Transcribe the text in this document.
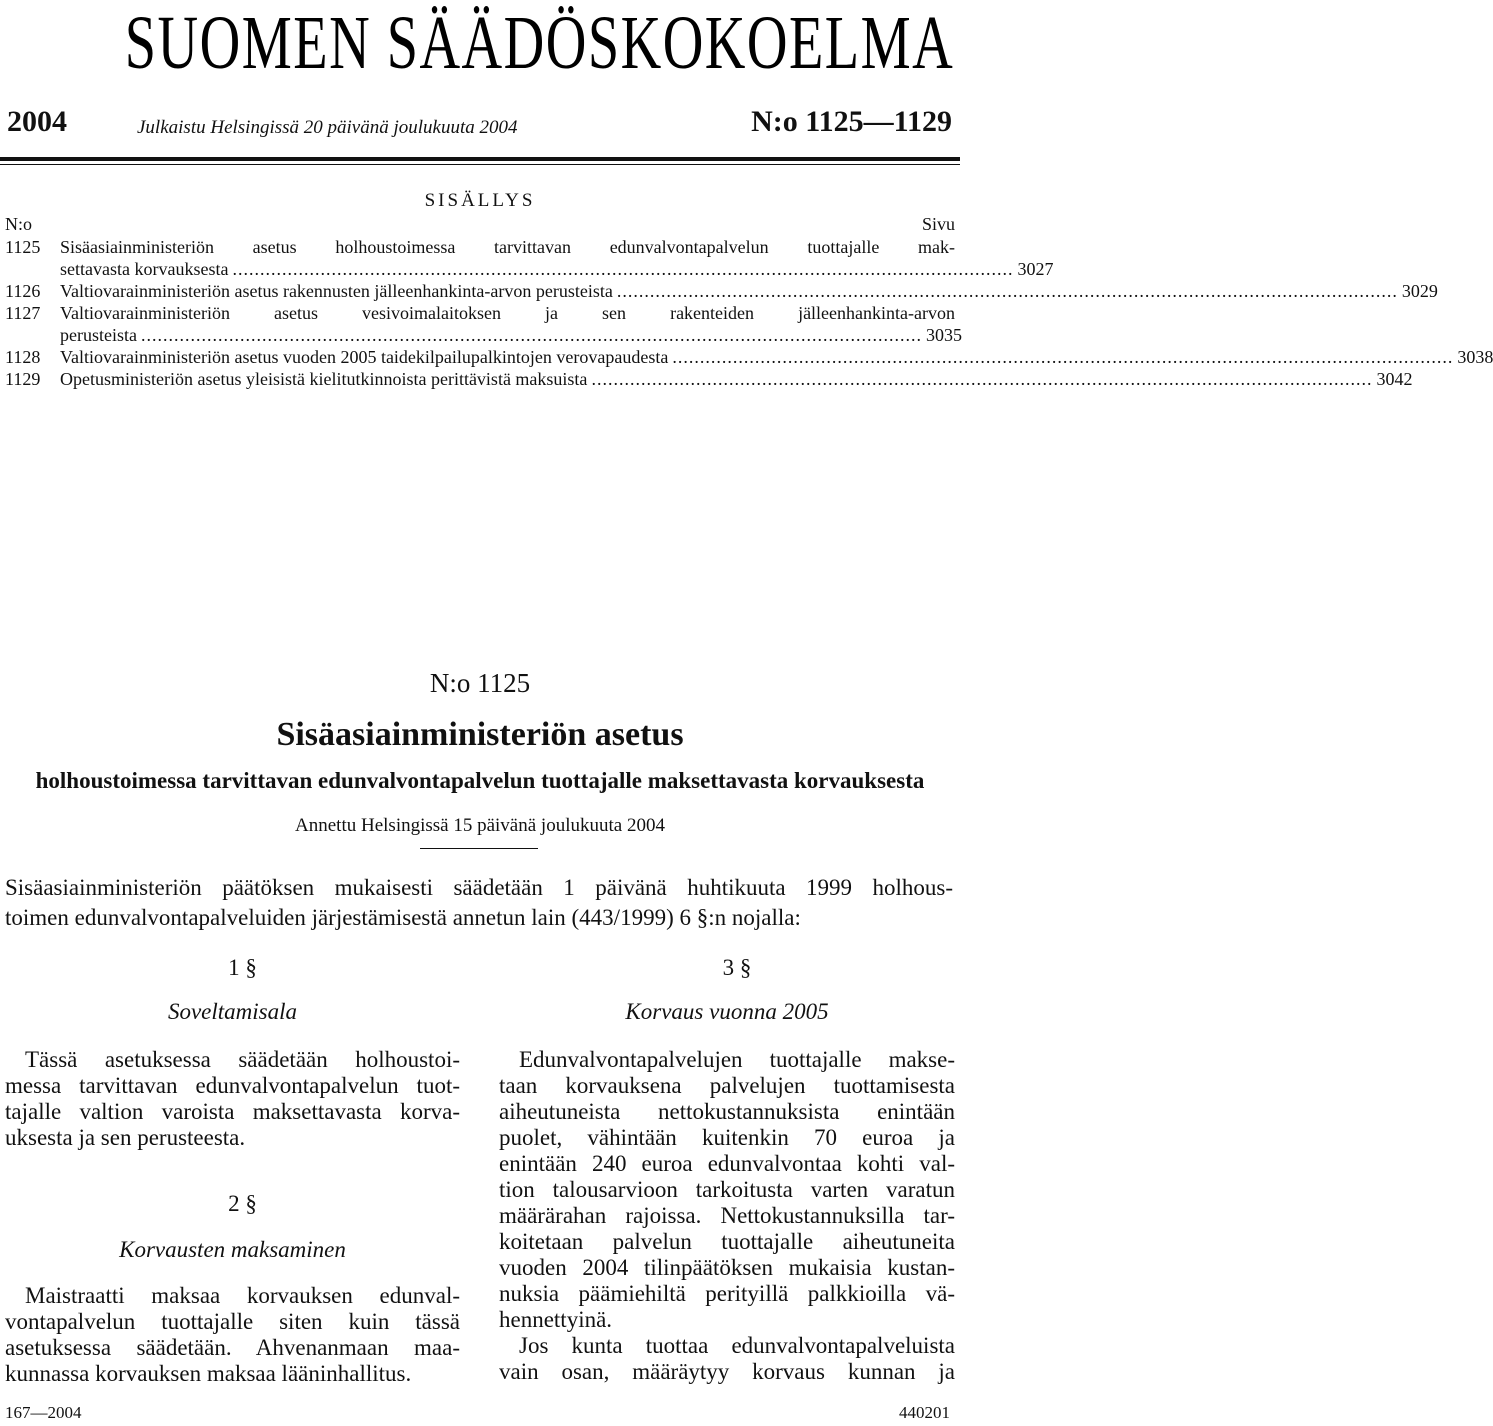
SUOMEN SÄÄDÖSKOKOELMA
2004	Julkaistu Helsingissä 20 päivänä joulukuuta 2004	N:o 1125—1129
SISÄLLYS
N:o	Sivu
1125	Sisäasiainministeriön asetus holhoustoimessa tarvittavan edunvalvontapalvelun tuottajalle mak-
settavasta korvauksesta .............................................................................................................................................. 3027
1126	Valtiovarainministeriön asetus rakennusten jälleenhankinta-arvon perusteista .............................................................................................................................................. 3029
1127	Valtiovarainministeriön asetus vesivoimalaitoksen ja sen rakenteiden jälleenhankinta-arvon
perusteista .............................................................................................................................................. 3035
1128	Valtiovarainministeriön asetus vuoden 2005 taidekilpailupalkintojen verovapaudesta .............................................................................................................................................. 3038
1129	Opetusministeriön asetus yleisistä kielitutkinnoista perittävistä maksuista .............................................................................................................................................. 3042
N:o 1125
Sisäasiainministeriön asetus
holhoustoimessa tarvittavan edunvalvontapalvelun tuottajalle maksettavasta korvauksesta
Annettu Helsingissä 15 päivänä joulukuuta 2004
Sisäasiainministeriön päätöksen mukaisesti säädetään 1 päivänä huhtikuuta 1999 holhous-
toimen edunvalvontapalveluiden järjestämisestä annetun lain (443/1999) 6 §:n nojalla:
1 §
Soveltamisala
Tässä asetuksessa säädetään holhoustoi-
messa tarvittavan edunvalvontapalvelun tuot-
tajalle valtion varoista maksettavasta korva-
uksesta ja sen perusteesta.
2 §
Korvausten maksaminen
Maistraatti maksaa korvauksen edunval-
vontapalvelun tuottajalle siten kuin tässä
asetuksessa säädetään. Ahvenanmaan maa-
kunnassa korvauksen maksaa lääninhallitus.
3 §
Korvaus vuonna 2005
Edunvalvontapalvelujen tuottajalle makse-
taan korvauksena palvelujen tuottamisesta
aiheutuneista nettokustannuksista enintään
puolet, vähintään kuitenkin 70 euroa ja
enintään 240 euroa edunvalvontaa kohti val-
tion talousarvioon tarkoitusta varten varatun
määrärahan rajoissa. Nettokustannuksilla tar-
koitetaan palvelun tuottajalle aiheutuneita
vuoden 2004 tilinpäätöksen mukaisia kustan-
nuksia päämiehiltä perityillä palkkioilla vä-
hennettyinä.
Jos kunta tuottaa edunvalvontapalveluista
vain osan, määräytyy korvaus kunnan ja
167—2004	440201
